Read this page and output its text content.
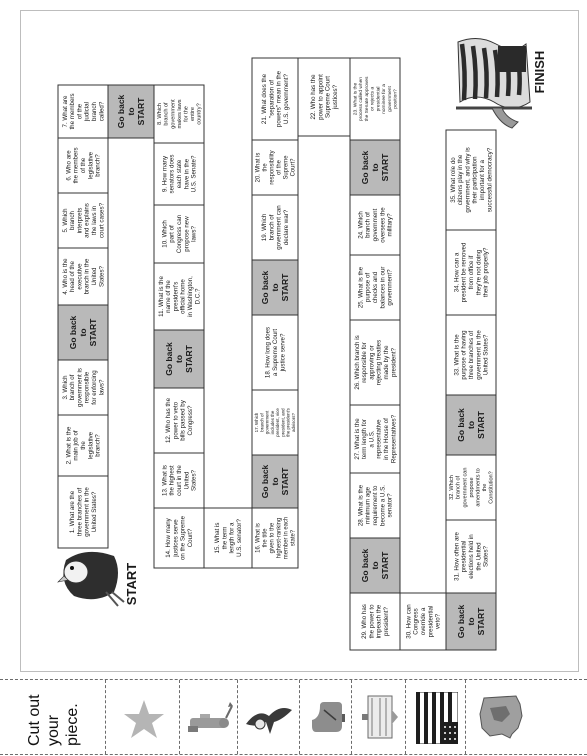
1. What are the three branches of government in the United States?
2. What is the main job of the legislative branch?
3. Which branch of government is responsible for enforcing laws?
Go back to START
4. Who is the head of the executive branch in the United States?
5. Which branch interprets and explains the laws in court cases?
6. Who are the members of the legislative branch?
7. What are the members of the judicial branch called? Go back to START 8. Which branch of government makes laws for the entire country?
9. How many senators does each state have in the U.S. Senate?
10. Which part of Congress can propose new laws?
11. What is the name of the president's official home in Washington, D.C.?
Go back to START
12. Who has the power to veto bills passed by Congress?
13. What is the highest court in the United States?
14. How many justices serve on the Supreme Court?	15. What is the term length for a U.S. senator? 16. What is the title given to the highest-ranking member in each state?
Go back to START
17. Which branch of government includes the president, vice president, and the president's advisors?
18. How long does a Supreme Court justice serve?
Go back to START
19. Which branch of government can declare war?
20. What is the responsibility of the Supreme Court?
21. What does the "separation of powers" mean in the U.S. government?	22. Who has the power to appoint Supreme Court justices?	23. What is the process called when the Senate approves or rejects a presidential nominee for a government position?
Go back to START
24. Which branch of government oversees the military?
25. What is the purpose of checks and balances in our government?
26. Which branch is responsible for approving or rejecting treaties made by the president?
27. What is the term length for a U.S. representative in the House of Representatives?
28. What is the minimum age requirement to become a U.S. senator?
Go back to START
29. Who has the power to impeach the president? 30. How can Congress override a presidential veto? Go back to START
31. How often are presidential elections held in the United States?
32. Which branch of government can propose amendments to the Constitution?
Go back to START
33. What is the purpose of having three branches of government in the United States?
34. How can a president be removed from office if they're not doing their job properly?
35. What role do citizens play in the government, and why is their participation important for a successful democracy?
START
FINISH
Cut out your piece.
